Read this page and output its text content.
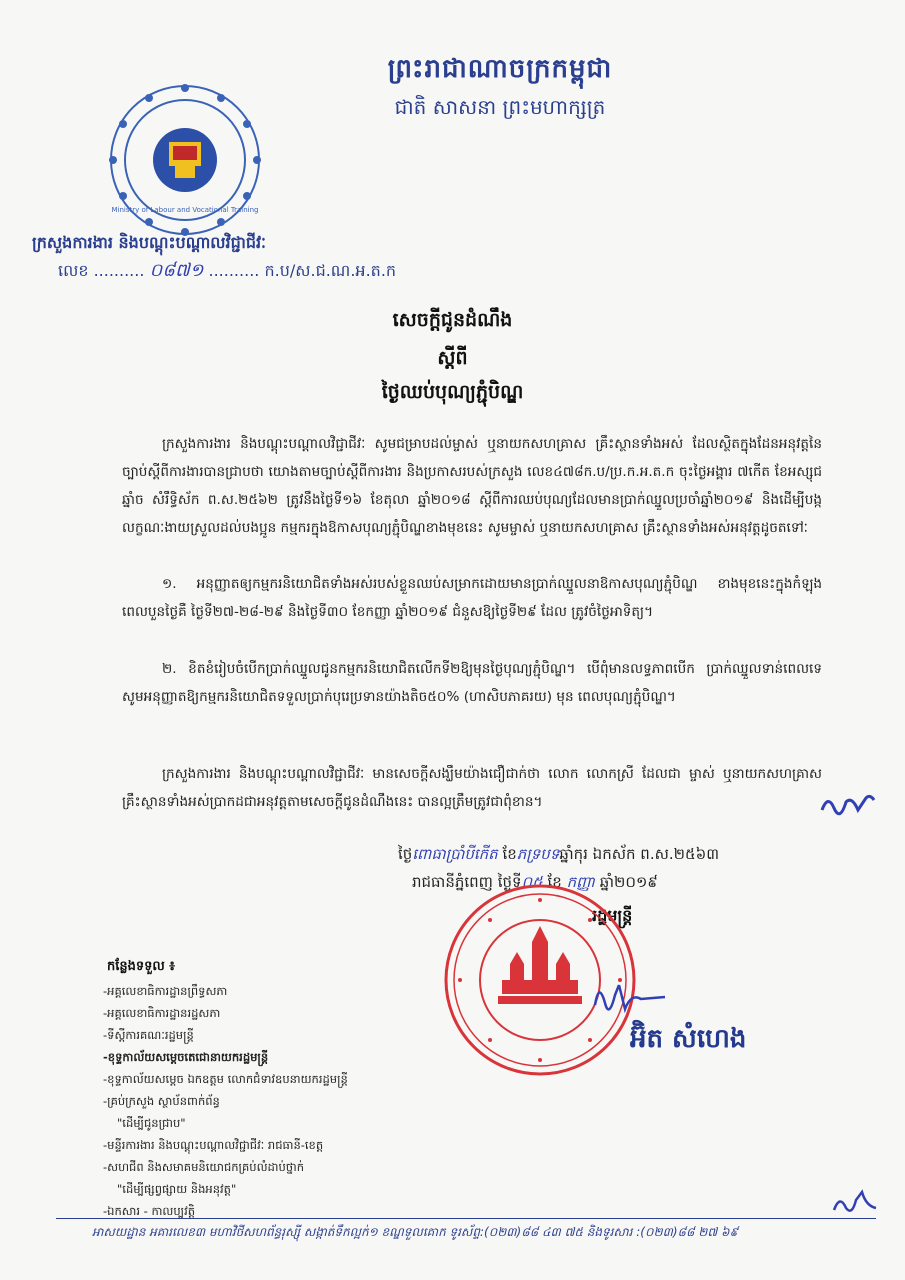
ព្រះរាជាណាចក្រកម្ពុជា
ជាតិ សាសនា ព្រះមហាក្សត្រ
Ministry of Labour and Vocational Training
ក្រសួងការងារ និងបណ្តុះបណ្តាលវិជ្ជាជីវៈ
លេខ .......... ០៨៧១ .......... ក.ប/ស.ជ.ណ.អ.ត.ក
សេចក្តីជូនដំណឹង
ស្តីពី
ថ្ងៃឈប់បុណ្យភ្ជុំបិណ្ឌ
ក្រសួងការងារ និងបណ្តុះបណ្តាលវិជ្ជាជីវៈ សូមជម្រាបដល់ម្ចាស់ ឬនាយកសហគ្រាស គ្រឹះស្ថានទាំងអស់ ដែលស្ថិតក្នុងដែនអនុវត្តនៃច្បាប់ស្តីពីការងារបានជ្រាបថា យោងតាមច្បាប់ស្តីពីការងារ និងប្រកាសរបស់ក្រសួង លេខ៤៧៨ក.ប/ប្រ.ក.អ.ត.ក ចុះថ្ងៃអង្គារ ៧កើត ខែអស្សុជ ឆ្នាំច សំរឹទ្ធិស័ក ព.ស.២៥៦២ ត្រូវនឹងថ្ងៃទី១៦ ខែតុលា ឆ្នាំ២០១៨ ស្តីពីការឈប់បុណ្យដែលមានប្រាក់ឈ្នួលប្រចាំឆ្នាំ២០១៩ និងដើម្បីបង្កលក្ខណៈងាយស្រួលដល់បងប្អូន កម្មករក្នុងឱកាសបុណ្យភ្ជុំបិណ្ឌខាងមុខនេះ សូមម្ចាស់ ឬនាយកសហគ្រាស គ្រឹះស្ថានទាំងអស់អនុវត្តដូចតទៅៈ
១. អនុញ្ញាតឲ្យកម្មករនិយោជិតទាំងអស់របស់ខ្លួនឈប់សម្រាកដោយមានប្រាក់ឈ្នួលនាឱកាសបុណ្យភ្ជុំបិណ្ឌ ខាងមុខនេះក្នុងកំឡុងពេលបួនថ្ងៃគឺ ថ្ងៃទី២៧-២៨-២៩ និងថ្ងៃទី៣០ ខែកញ្ញា ឆ្នាំ២០១៩ ជំនួសឱ្យថ្ងៃទី២៩ ដែល ត្រូវចំថ្ងៃអាទិត្យ។
២. ខិតខំរៀបចំបើកប្រាក់ឈ្នួលជូនកម្មករនិយោជិតលើកទី២ឱ្យមុនថ្ងៃបុណ្យភ្ជុំបិណ្ឌ។ បើពុំមានលទ្ធភាពបើក ប្រាក់ឈ្នួលទាន់ពេលទេ សូមអនុញ្ញាតឱ្យកម្មករនិយោជិតទទួលប្រាក់បុរេប្រទានយ៉ាងតិច៥០% (ហាសិបភាគរយ) មុន ពេលបុណ្យភ្ជុំបិណ្ឌ។
ក្រសួងការងារ និងបណ្តុះបណ្តាលវិជ្ជាជីវៈ មានសេចក្តីសង្ឃឹមយ៉ាងជឿជាក់ថា លោក លោកស្រី ដែលជា ម្ចាស់ ឬនាយកសហគ្រាស គ្រឹះស្ថានទាំងអស់ប្រាកដជាអនុវត្តតាមសេចក្តីជូនដំណឹងនេះ បានល្អត្រឹមត្រូវជាពុំខាន។
ថ្ងៃពោធាប្រាំបីកើត ខែភទ្របទឆ្នាំកុរ ឯកស័ក ព.ស.២៥៦៣
រាជធានីភ្នំពេញ ថ្ងៃទី០៥ ខែ កញ្ញា ឆ្នាំ២០១៩
រដ្ឋមន្ត្រី
អ៊ិត សំហេង
កន្លែងទទួល ៖
-អគ្គលេខាធិការដ្ឋានព្រឹទ្ធសភា
-អគ្គលេខាធិការដ្ឋានរដ្ឋសភា
-ទីស្តីការគណៈរដ្ឋមន្ត្រី
-ខុទ្ទកាល័យសម្តេចតេជោនាយករដ្ឋមន្ត្រី
-ខុទ្ទកាល័យសម្តេច ឯកឧត្តម លោកជំទាវឧបនាយករដ្ឋមន្ត្រី
-គ្រប់ក្រសួង ស្ថាប័នពាក់ព័ន្ធ
"ដើម្បីជូនជ្រាប"
-មន្ទីរការងារ និងបណ្តុះបណ្តាលវិជ្ជាជីវៈ រាជធានី-ខេត្ត
-សហជីព និងសមាគមនិយោជកគ្រប់លំដាប់ថ្នាក់
"ដើម្បីផ្សព្វផ្សាយ និងអនុវត្ត"
-ឯកសារ - កាលប្បវត្តិ
អាសយដ្ឋាន អគារលេខ៣ មហាវិថីសហព័ន្ធរុស្ស៊ី សង្កាត់ទឹកល្អក់១ ខណ្ឌទួលគោក ទូរស័ព្ទ:(០២៣)៨៨ ៤៣ ៧៥ និងទូរសារ :(០២៣)៨៨ ២៧ ៦៩
